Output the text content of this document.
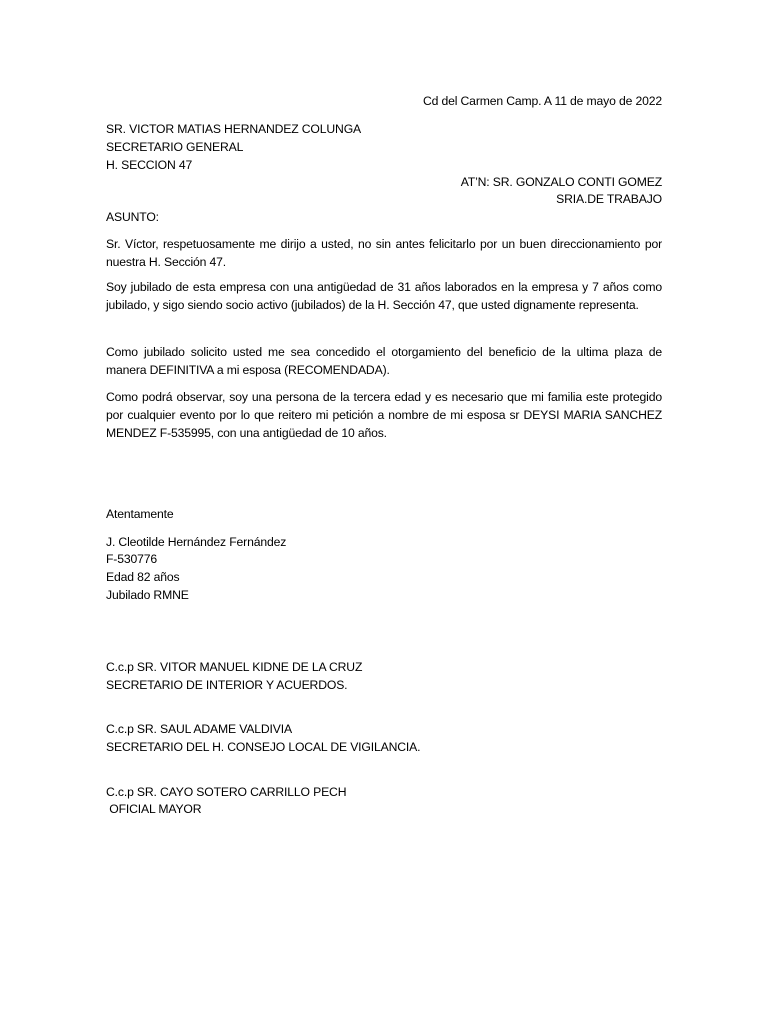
Cd del Carmen Camp. A 11 de mayo de 2022
SR. VICTOR MATIAS HERNANDEZ COLUNGA
SECRETARIO GENERAL
H. SECCION 47
AT’N: SR. GONZALO CONTI GOMEZ
SRIA.DE TRABAJO
ASUNTO:
Sr. Víctor, respetuosamente me dirijo a usted, no sin antes felicitarlo por un buen direccionamiento por nuestra H. Sección 47.
Soy jubilado de esta empresa con una antigüedad de 31 años laborados en la empresa y 7 años como jubilado, y sigo siendo socio activo (jubilados) de la H. Sección 47, que usted dignamente representa.
Como jubilado solicito usted me sea concedido el otorgamiento del beneficio de la ultima plaza de manera DEFINITIVA a mi esposa (RECOMENDADA).
Como podrá observar, soy una persona de la tercera edad y es necesario que mi familia este protegido por cualquier evento por lo que reitero mi petición a nombre de mi esposa sr DEYSI MARIA SANCHEZ MENDEZ F-535995, con una antigüedad de 10 años.
Atentamente
J. Cleotilde Hernández Fernández
F-530776
Edad 82 años
Jubilado RMNE
C.c.p SR. VITOR MANUEL KIDNE DE LA CRUZ
SECRETARIO DE INTERIOR Y ACUERDOS.
C.c.p SR. SAUL ADAME VALDIVIA
SECRETARIO DEL H. CONSEJO LOCAL DE VIGILANCIA.
C.c.p SR. CAYO SOTERO CARRILLO PECH
OFICIAL MAYOR
